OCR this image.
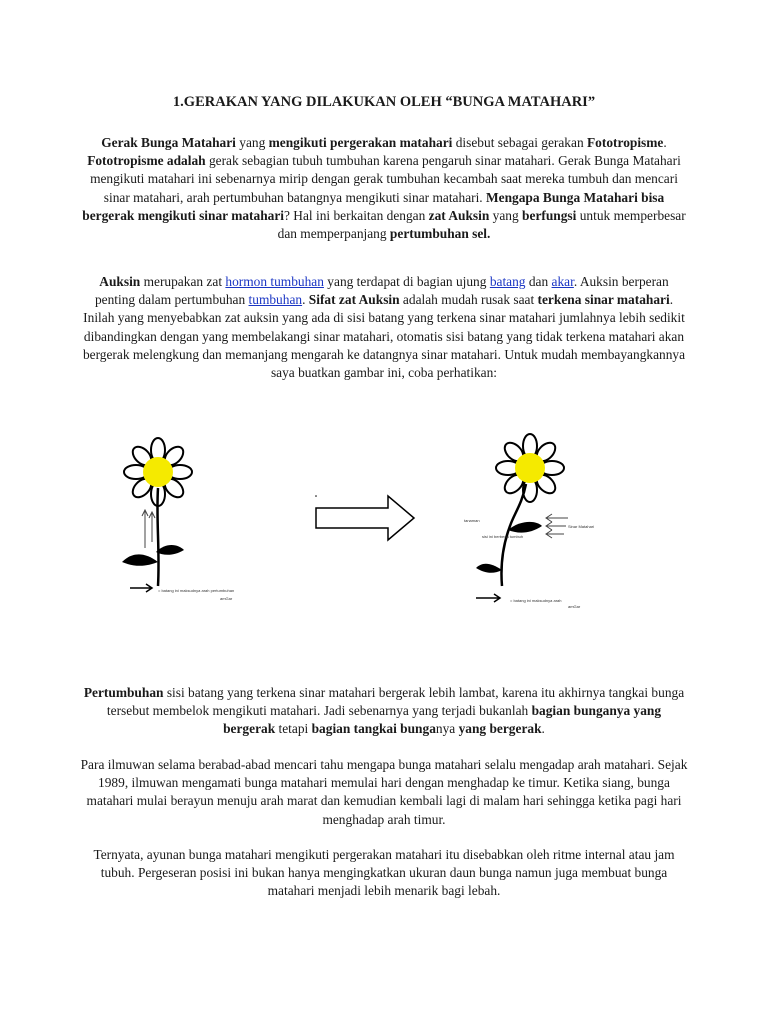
1.GERAKAN YANG DILAKUKAN OLEH “BUNGA MATAHARI”

Gerak Bunga Matahari yang mengikuti pergerakan matahari disebut sebagai gerakan Fototropisme. Fototropisme adalah gerak sebagian tubuh tumbuhan karena pengaruh sinar matahari. Gerak Bunga Matahari mengikuti matahari ini sebenarnya mirip dengan gerak tumbuhan kecambah saat mereka tumbuh dan mencari sinar matahari, arah pertumbuhan batangnya mengikuti sinar matahari. Mengapa Bunga Matahari bisa bergerak mengikuti sinar matahari? Hal ini berkaitan dengan zat Auksin yang berfungsi untuk memperbesar dan memperpanjang pertumbuhan sel.

Auksin merupakan zat hormon tumbuhan yang terdapat di bagian ujung batang dan akar. Auksin berperan penting dalam pertumbuhan tumbuhan. Sifat zat Auksin adalah mudah rusak saat terkena sinar matahari. Inilah yang menyebabkan zat auksin yang ada di sisi batang yang terkena sinar matahari jumlahnya lebih sedikit dibandingkan dengan yang membelakangi sinar matahari, otomatis sisi batang yang tidak terkena matahari akan bergerak melengkung dan memanjang mengarah ke datangnya sinar matahari. Untuk mudah membayangkannya saya buatkan gambar ini, coba perhatikan:

= batang ini maksudnya arah pertumbuhan
amGar
tanaman
Sinar Matahari
sisi ini berbeda tumbuh
= batang ini maksudnya arah
amGar

Pertumbuhan sisi batang yang terkena sinar matahari bergerak lebih lambat, karena itu akhirnya tangkai bunga tersebut membelok mengikuti matahari. Jadi sebenarnya yang terjadi bukanlah bagian bunganya yang bergerak tetapi bagian tangkai bunganya yang bergerak.

Para ilmuwan selama berabad-abad mencari tahu mengapa bunga matahari selalu mengadap arah matahari. Sejak 1989, ilmuwan mengamati bunga matahari memulai hari dengan menghadap ke timur. Ketika siang, bunga matahari mulai berayun menuju arah marat dan kemudian kembali lagi di malam hari sehingga ketika pagi hari menghadap arah timur.

Ternyata, ayunan bunga matahari mengikuti pergerakan matahari itu disebabkan oleh ritme internal atau jam tubuh. Pergeseran posisi ini bukan hanya mengingkatkan ukuran daun bunga namun juga membuat bunga matahari menjadi lebih menarik bagi lebah.
